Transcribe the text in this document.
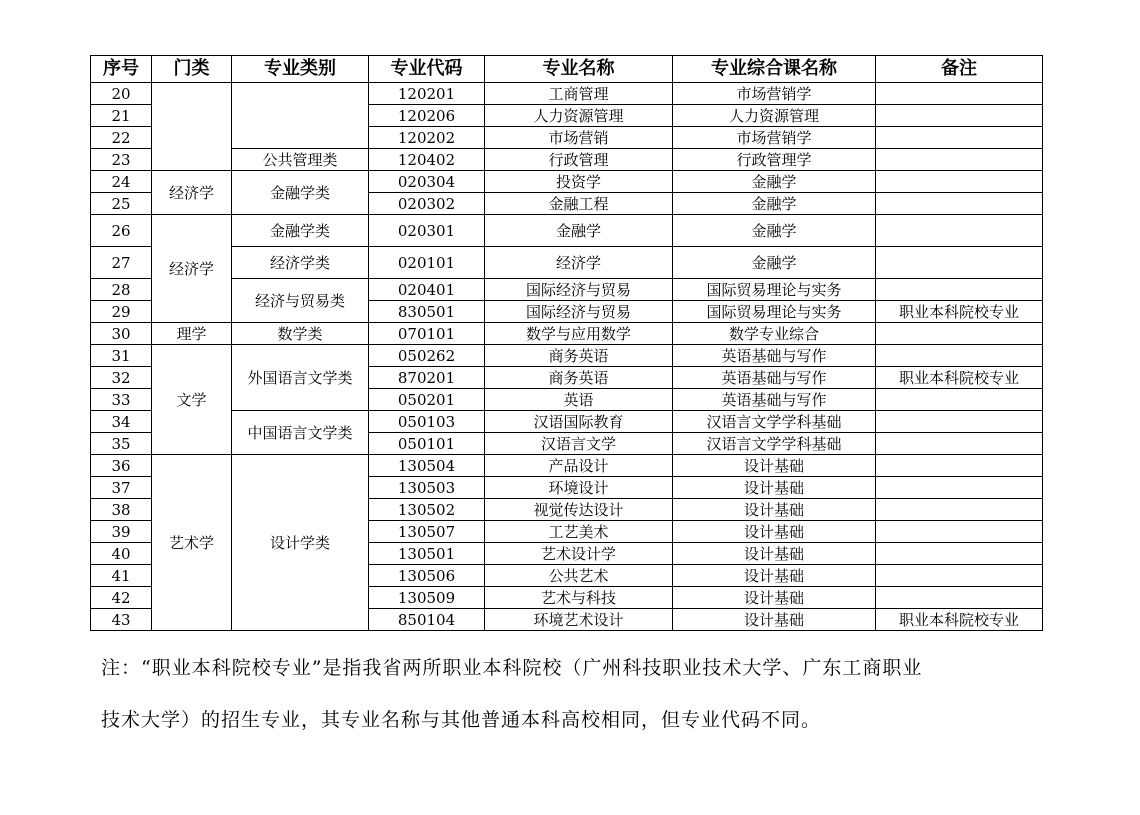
序号	门类	专业类别	专业代码	专业名称	专业综合课名称	备注
20			120201	工商管理	市场营销学	
21			120206	人力资源管理	人力资源管理	
22			120202	市场营销	市场营销学	
23		公共管理类	120402	行政管理	行政管理学	
24	经济学	金融学类	020304	投资学	金融学	
25			020302	金融工程	金融学	
26	经济学	金融学类	020301	金融学	金融学	
27		经济学类	020101	经济学	金融学	
28		经济与贸易类	020401	国际经济与贸易	国际贸易理论与实务	
29			830501	国际经济与贸易	国际贸易理论与实务	职业本科院校专业
30	理学	数学类	070101	数学与应用数学	数学专业综合	
31	文学	外国语言文学类	050262	商务英语	英语基础与写作	
32			870201	商务英语	英语基础与写作	职业本科院校专业
33			050201	英语	英语基础与写作	
34		中国语言文学类	050103	汉语国际教育	汉语言文学学科基础	
35			050101	汉语言文学	汉语言文学学科基础	
36	艺术学	设计学类	130504	产品设计	设计基础	
37			130503	环境设计	设计基础	
38			130502	视觉传达设计	设计基础	
39			130507	工艺美术	设计基础	
40			130501	艺术设计学	设计基础	
41			130506	公共艺术	设计基础	
42			130509	艺术与科技	设计基础	
43			850104	环境艺术设计	设计基础	职业本科院校专业

注：“职业本科院校专业”是指我省两所职业本科院校（广州科技职业技术大学、广东工商职业

技术大学）的招生专业，其专业名称与其他普通本科高校相同，但专业代码不同。
